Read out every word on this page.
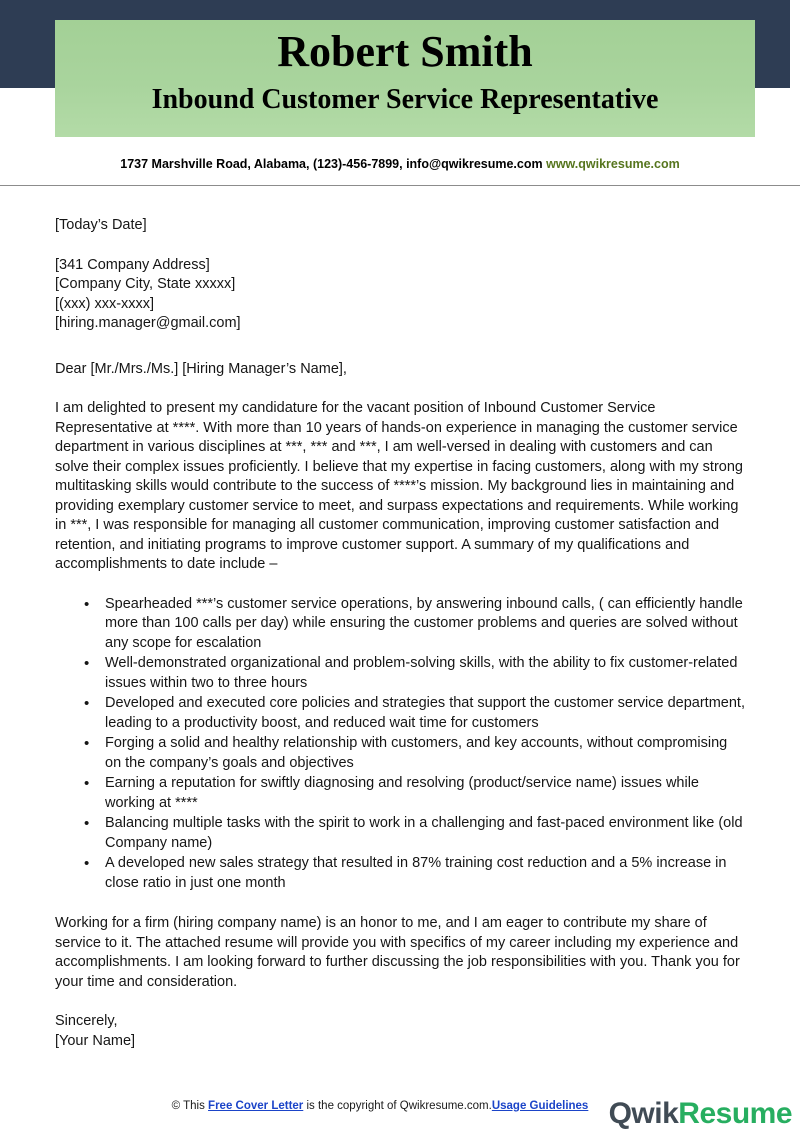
Robert Smith
Inbound Customer Service Representative
1737 Marshville Road, Alabama, (123)-456-7899, info@qwikresume.com www.qwikresume.com
[Today’s Date]
[341 Company Address]
[Company City, State xxxxx]
[(xxx) xxx-xxxx]
[hiring.manager@gmail.com]
Dear [Mr./Mrs./Ms.] [Hiring Manager’s Name],
I am delighted to present my candidature for the vacant position of Inbound Customer Service Representative at ****. With more than 10 years of hands-on experience in managing the customer service department in various disciplines at ***, *** and ***, I am well-versed in dealing with customers and can solve their complex issues proficiently. I believe that my expertise in facing customers, along with my strong multitasking skills would contribute to the success of ****’s mission. My background lies in maintaining and providing exemplary customer service to meet, and surpass expectations and requirements. While working in ***, I was responsible for managing all customer communication, improving customer satisfaction and retention, and initiating programs to improve customer support. A summary of my qualifications and accomplishments to date include –
• Spearheaded ***’s customer service operations, by answering inbound calls, ( can efficiently handle more than 100 calls per day) while ensuring the customer problems and queries are solved without any scope for escalation
• Well-demonstrated organizational and problem-solving skills, with the ability to fix customer-related issues within two to three hours
• Developed and executed core policies and strategies that support the customer service department, leading to a productivity boost, and reduced wait time for customers
• Forging a solid and healthy relationship with customers, and key accounts, without compromising on the company’s goals and objectives
• Earning a reputation for swiftly diagnosing and resolving (product/service name) issues while working at ****
• Balancing multiple tasks with the spirit to work in a challenging and fast-paced environment like (old Company name)
• A developed new sales strategy that resulted in 87% training cost reduction and a 5% increase in close ratio in just one month
Working for a firm (hiring company name) is an honor to me, and I am eager to contribute my share of service to it. The attached resume will provide you with specifics of my career including my experience and accomplishments. I am looking forward to further discussing the job responsibilities with you. Thank you for your time and consideration.
Sincerely,
[Your Name]
© This Free Cover Letter is the copyright of Qwikresume.com.Usage Guidelines QwikResume
